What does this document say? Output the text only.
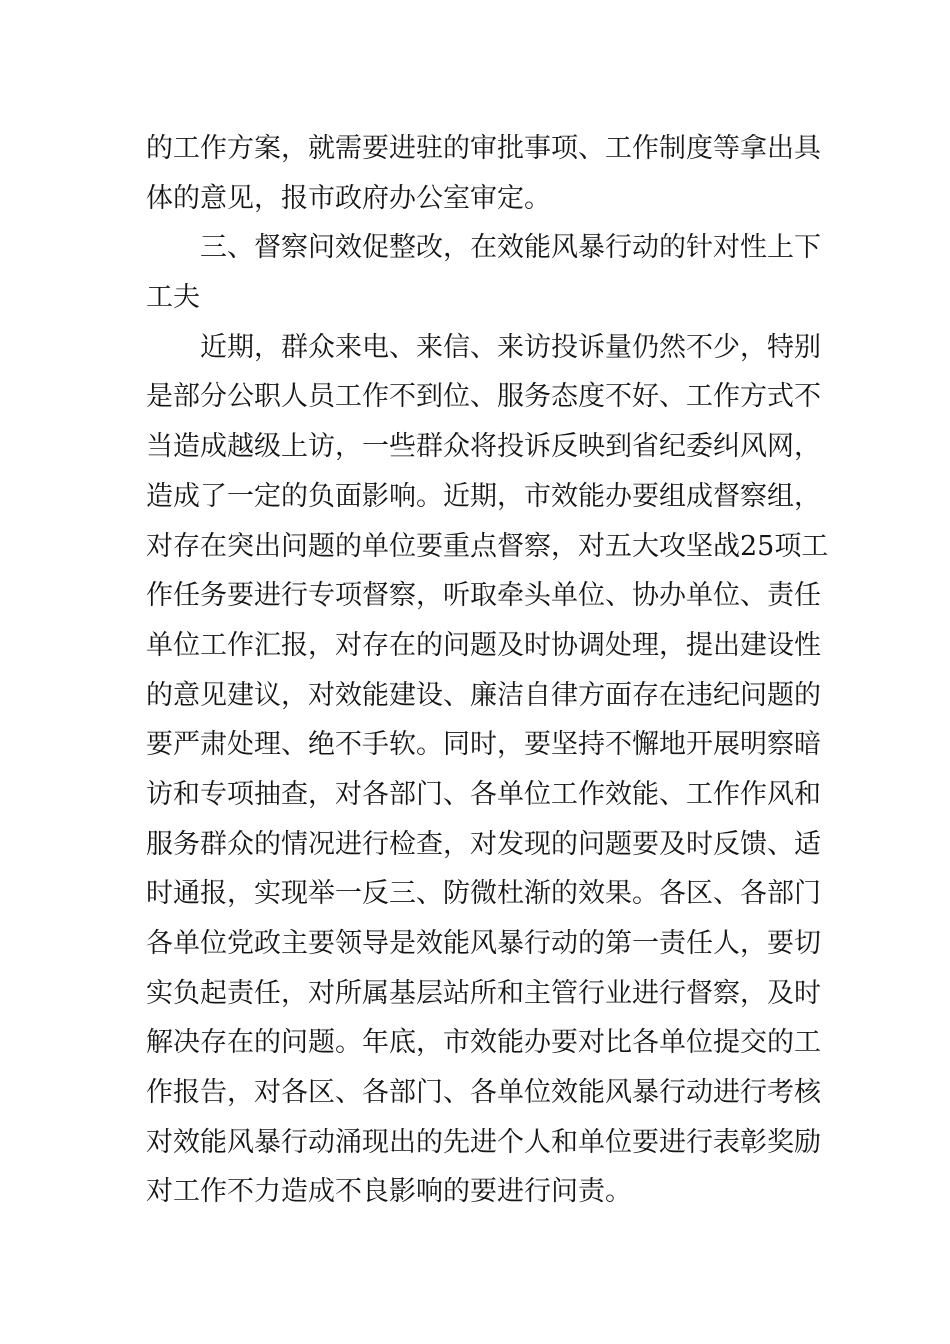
的工作方案，就需要进驻的审批事项、工作制度等拿出具
体的意见，报市政府办公室审定。
三、督察问效促整改，在效能风暴行动的针对性上下
工夫
近期，群众来电、来信、来访投诉量仍然不少，特别
是部分公职人员工作不到位、服务态度不好、工作方式不
当造成越级上访，一些群众将投诉反映到省纪委纠风网，
造成了一定的负面影响。近期，市效能办要组成督察组，
对存在突出问题的单位要重点督察，对五大攻坚战25项工
作任务要进行专项督察，听取牵头单位、协办单位、责任
单位工作汇报，对存在的问题及时协调处理，提出建设性
的意见建议，对效能建设、廉洁自律方面存在违纪问题的
要严肃处理、绝不手软。同时，要坚持不懈地开展明察暗
访和专项抽查，对各部门、各单位工作效能、工作作风和
服务群众的情况进行检查，对发现的问题要及时反馈、适
时通报，实现举一反三、防微杜渐的效果。各区、各部门
各单位党政主要领导是效能风暴行动的第一责任人，要切
实负起责任，对所属基层站所和主管行业进行督察，及时
解决存在的问题。年底，市效能办要对比各单位提交的工
作报告，对各区、各部门、各单位效能风暴行动进行考核
对效能风暴行动涌现出的先进个人和单位要进行表彰奖励
对工作不力造成不良影响的要进行问责。
